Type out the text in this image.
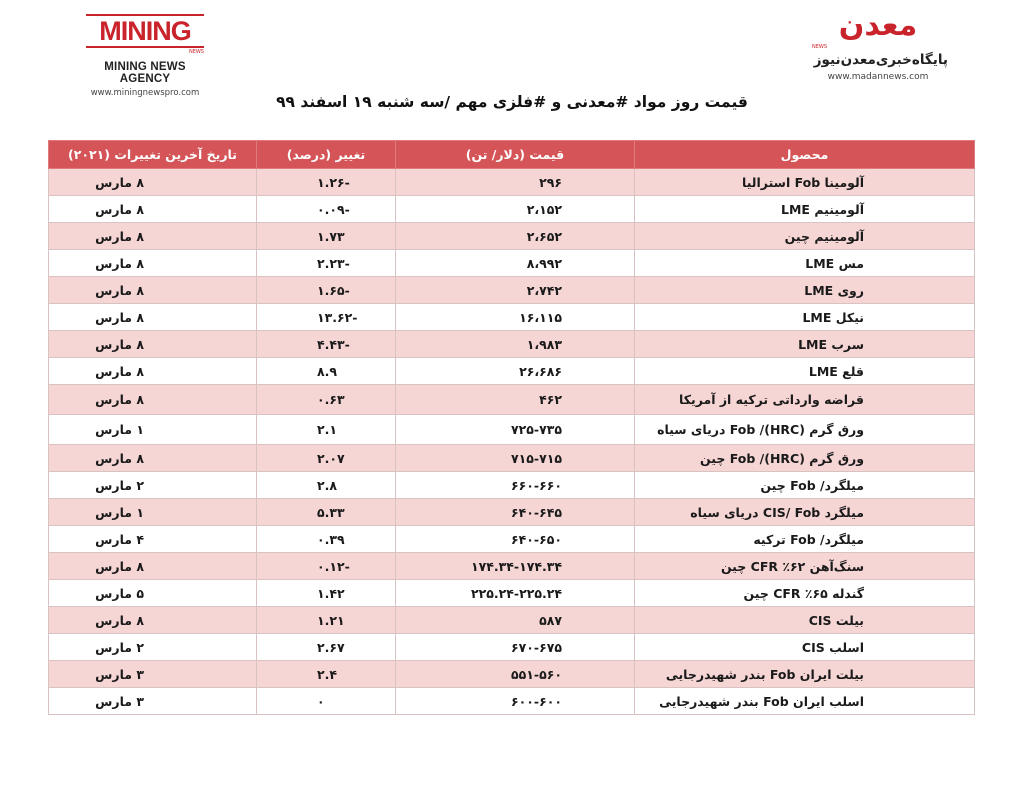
MINING
NEWS
MINING NEWS AGENCY
www.miningnewspro.com
معدن
NEWS
پایگاه‌خبری‌معدن‌نیوز
www.madannews.com
قیمت روز مواد #معدنی و #فلزی مهم /سه شنبه ۱۹ اسفند ۹۹
محصول	قیمت (دلار/ تن)	تغییر (درصد)	تاریخ آخرین تغییرات (۲۰۲۱)
آلومینا Fob استرالیا	۲۹۶	-۱.۲۶	۸ مارس
آلومینیم LME	۲،۱۵۲	-۰.۰۹	۸ مارس
آلومینیم چین	۲،۶۵۲	۱.۷۳	۸ مارس
مس LME	۸،۹۹۲	-۲.۲۳	۸ مارس
روی LME	۲،۷۴۲	-۱.۶۵	۸ مارس
نیکل LME	۱۶،۱۱۵	-۱۳.۶۲	۸ مارس
سرب LME	۱،۹۸۳	-۴.۴۳	۸ مارس
قلع LME	۲۶،۶۸۶	۸.۹	۸ مارس
قراضه وارداتی ترکیه از آمریکا	۴۶۲	۰.۶۳	۸ مارس
ورق گرم (HRC)/ Fob دریای سیاه	۷۲۵-۷۳۵	۲.۱	۱ مارس
ورق گرم (HRC)/ Fob چین	۷۱۵-۷۱۵	۲.۰۷	۸ مارس
میلگرد/ Fob چین	۶۶۰-۶۶۰	۲.۸	۲ مارس
میلگرد CIS/ Fob دریای سیاه	۶۴۰-۶۴۵	۵.۳۳	۱ مارس
میلگرد/ Fob ترکیه	۶۴۰-۶۵۰	۰.۳۹	۴ مارس
سنگ‌آهن ۶۲٪ CFR چین	۱۷۴.۳۴-۱۷۴.۳۴	-۰.۱۲	۸ مارس
گندله ۶۵٪ CFR چین	۲۲۵.۲۴-۲۲۵.۲۴	۱.۴۲	۵ مارس
بیلت CIS	۵۸۷	۱.۲۱	۸ مارس
اسلب CIS	۶۷۰-۶۷۵	۲.۶۷	۲ مارس
بیلت ایران Fob بندر شهیدرجایی	۵۵۱-۵۶۰	۲.۴	۳ مارس
اسلب ایران Fob بندر شهیدرجایی	۶۰۰-۶۰۰	۰	۳ مارس
